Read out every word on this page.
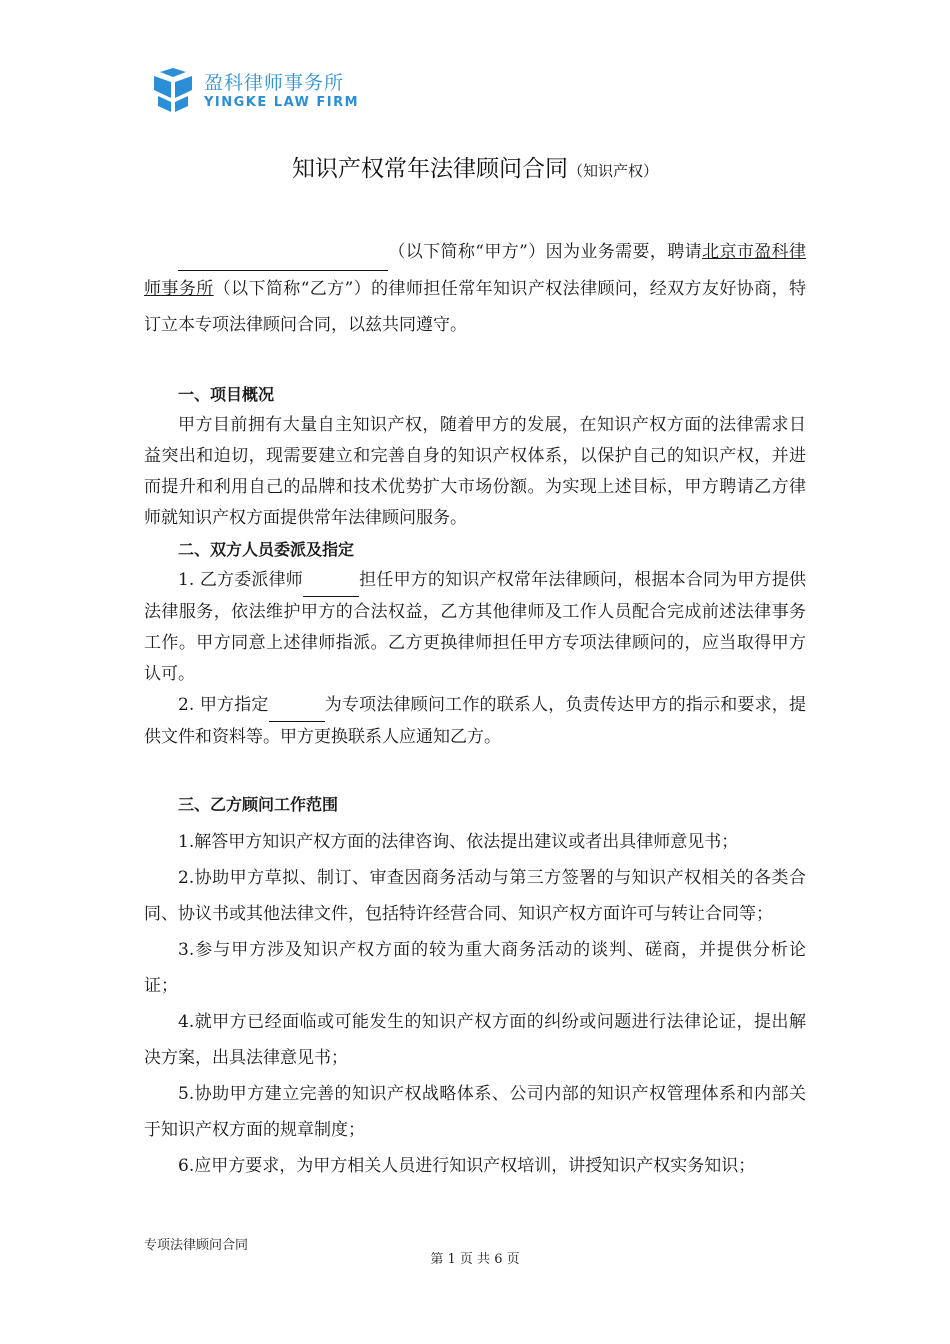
盈科律师事务所
YINGKE LAW FIRM
知识产权常年法律顾问合同（知识产权）

（以下简称“甲方”）因为业务需要，聘请北京市盈科律师事务所（以下简称“乙方”）的律师担任常年知识产权法律顾问，经双方友好协商，特订立本专项法律顾问合同，以兹共同遵守。

一、项目概况

甲方目前拥有大量自主知识产权，随着甲方的发展，在知识产权方面的法律需求日益突出和迫切，现需要建立和完善自身的知识产权体系，以保护自己的知识产权，并进而提升和利用自己的品牌和技术优势扩大市场份额。为实现上述目标，甲方聘请乙方律师就知识产权方面提供常年法律顾问服务。

二、双方人员委派及指定

1. 乙方委派律师	担任甲方的知识产权常年法律顾问，根据本合同为甲方提供法律服务，依法维护甲方的合法权益，乙方其他律师及工作人员配合完成前述法律事务工作。甲方同意上述律师指派。乙方更换律师担任甲方专项法律顾问的，应当取得甲方认可。

2. 甲方指定	为专项法律顾问工作的联系人，负责传达甲方的指示和要求，提供文件和资料等。甲方更换联系人应通知乙方。

三、乙方顾问工作范围

1.解答甲方知识产权方面的法律咨询、依法提出建议或者出具律师意见书；

2.协助甲方草拟、制订、审查因商务活动与第三方签署的与知识产权相关的各类合同、协议书或其他法律文件，包括特许经营合同、知识产权方面许可与转让合同等；

3.参与甲方涉及知识产权方面的较为重大商务活动的谈判、磋商，并提供分析论证；

4.就甲方已经面临或可能发生的知识产权方面的纠纷或问题进行法律论证，提出解决方案，出具法律意见书；

5.协助甲方建立完善的知识产权战略体系、公司内部的知识产权管理体系和内部关于知识产权方面的规章制度；

6.应甲方要求，为甲方相关人员进行知识产权培训，讲授知识产权实务知识；

专项法律顾问合同
第 1 页 共 6 页
